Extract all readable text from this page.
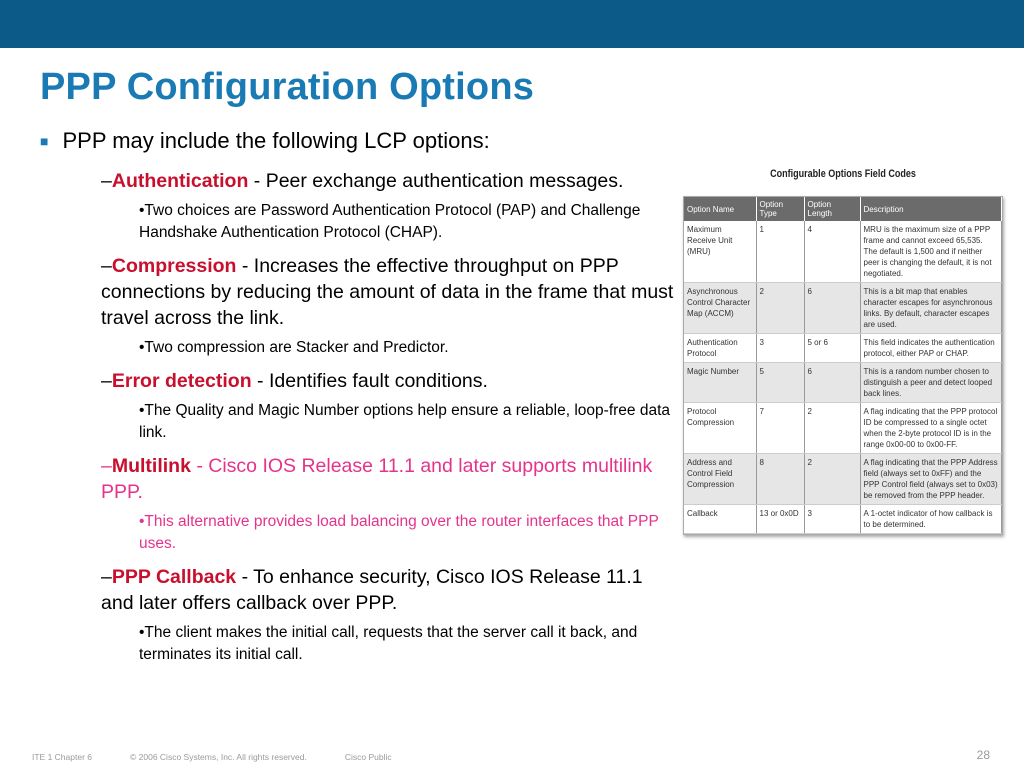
PPP Configuration Options
■ PPP may include the following LCP options:
–Authentication - Peer exchange authentication messages.
•Two choices are Password Authentication Protocol (PAP) and Challenge Handshake Authentication Protocol (CHAP).
–Compression - Increases the effective throughput on PPP connections by reducing the amount of data in the frame that must travel across the link.
•Two compression are Stacker and Predictor.
–Error detection - Identifies fault conditions.
•The Quality and Magic Number options help ensure a reliable, loop-free data link.
–Multilink - Cisco IOS Release 11.1 and later supports multilink PPP.
•This alternative provides load balancing over the router interfaces that PPP uses.
–PPP Callback - To enhance security, Cisco IOS Release 11.1 and later offers callback over PPP.
•The client makes the initial call, requests that the server call it back, and terminates its initial call.
Configurable Options Field Codes
Option Name	Option Type	Option Length	Description
Maximum Receive Unit (MRU)	1	4	MRU is the maximum size of a PPP frame and cannot exceed 65,535. The default is 1,500 and if neither peer is changing the default, it is not negotiated.
Asynchronous Control Character Map (ACCM)	2	6	This is a bit map that enables character escapes for asynchronous links. By default, character escapes are used.
Authentication Protocol	3	5 or 6	This field indicates the authentication protocol, either PAP or CHAP.
Magic Number	5	6	This is a random number chosen to distinguish a peer and detect looped back lines.
Protocol Compression	7	2	A flag indicating that the PPP protocol ID be compressed to a single octet when the 2-byte protocol ID is in the range 0x00-00 to 0x00-FF.
Address and Control Field Compression	8	2	A flag indicating that the PPP Address field (always set to 0xFF) and the PPP Control field (always set to 0x03) be removed from the PPP header.
Callback	13 or 0x0D	3	A 1-octet indicator of how callback is to be determined.
ITE 1 Chapter 6	© 2006 Cisco Systems, Inc. All rights reserved.	Cisco Public	28
